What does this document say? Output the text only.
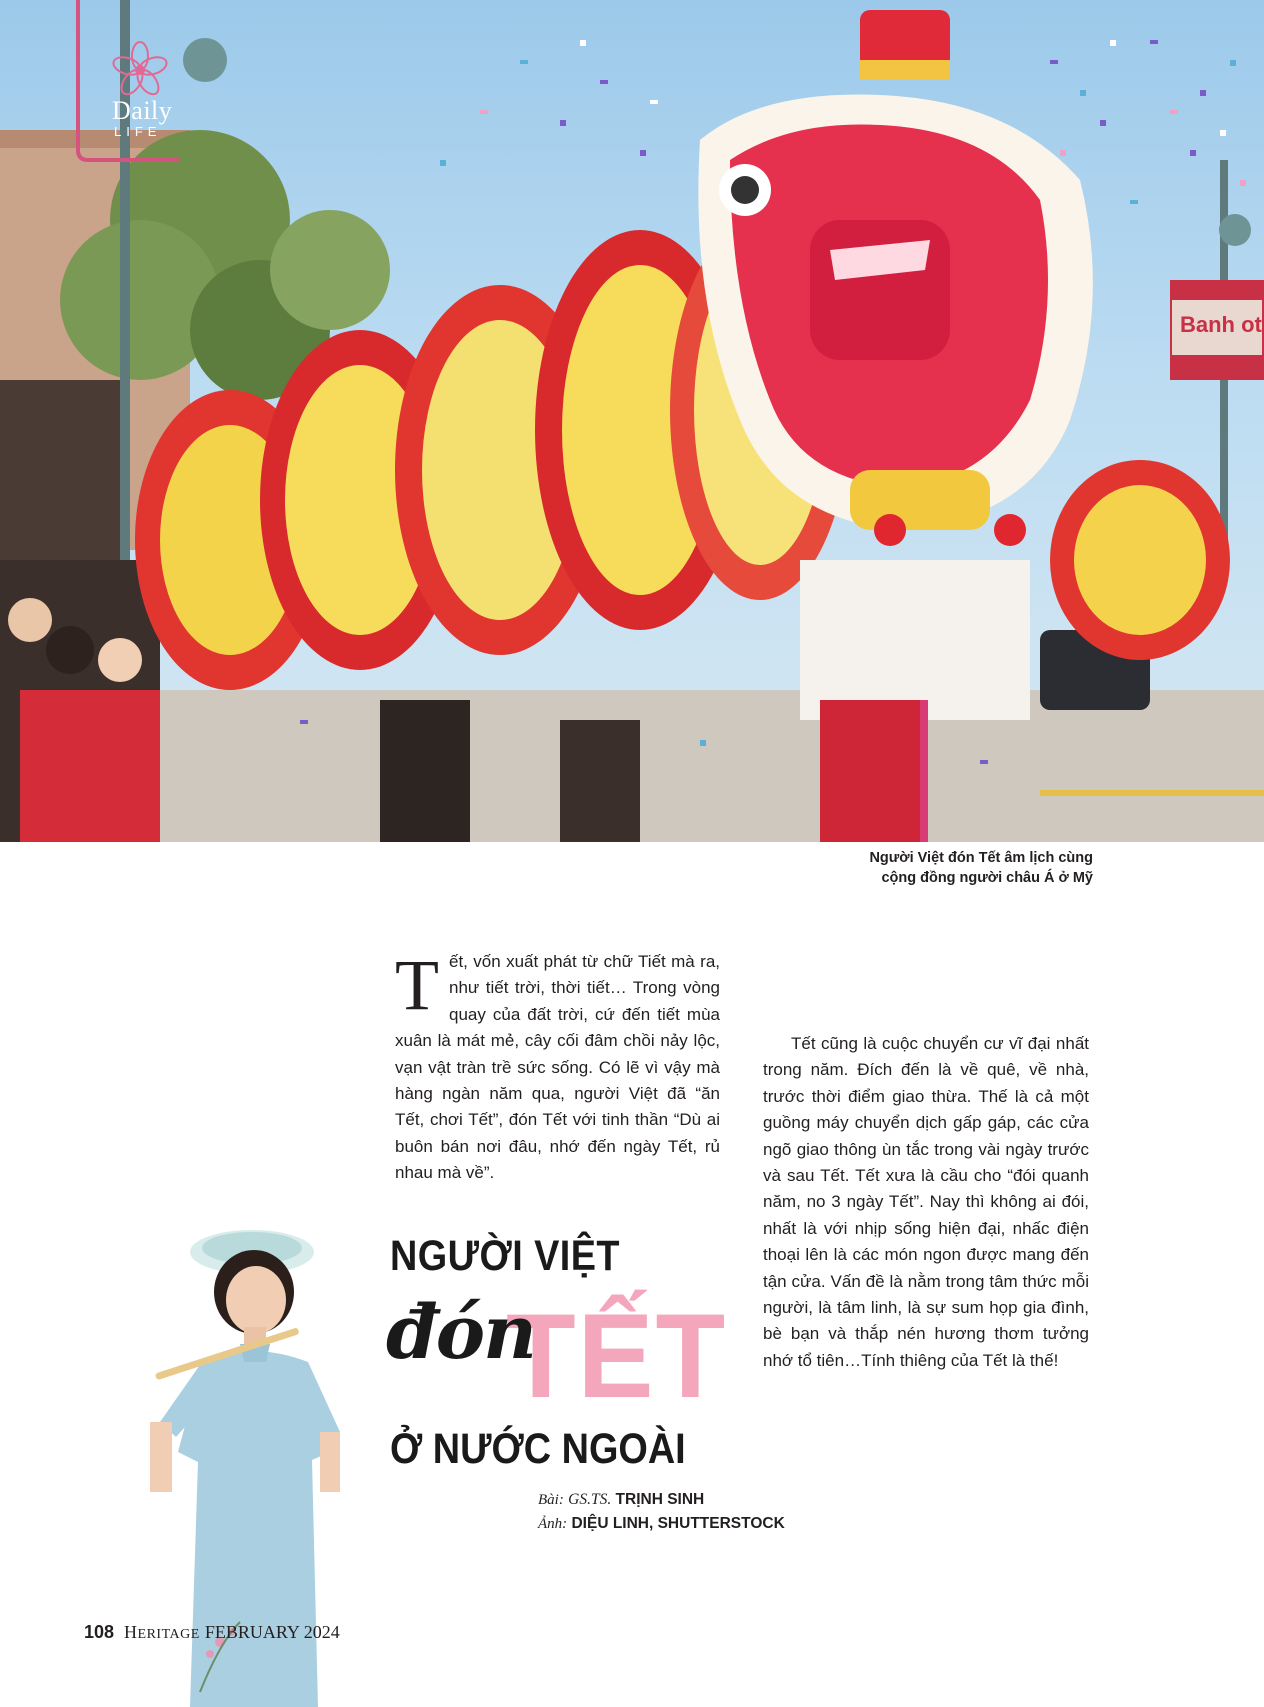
Banh ot
Daily
LIFE
Người Việt đón Tết âm lịch cùng
cộng đồng người châu Á ở Mỹ
T ết, vốn xuất phát từ chữ Tiết mà ra, như tiết trời, thời tiết… Trong vòng quay của đất trời, cứ đến tiết mùa xuân là mát mẻ, cây cối đâm chồi nảy lộc, vạn vật tràn trề sức sống. Có lẽ vì vậy mà hàng ngàn năm qua, người Việt đã “ăn Tết, chơi Tết”, đón Tết với tinh thần “Dù ai buôn bán nơi đâu, nhớ đến ngày Tết, rủ nhau mà về”.

Tết cũng là cuộc chuyển cư vĩ đại nhất trong năm. Đích đến là về quê, về nhà, trước thời điểm giao thừa. Thế là cả một guồng máy chuyển dịch gấp gáp, các cửa ngõ giao thông ùn tắc trong vài ngày trước và sau Tết. Tết xưa là cầu cho “đói quanh năm, no 3 ngày Tết”. Nay thì không ai đói, nhất là với nhịp sống hiện đại, nhấc điện thoại lên là các món ngon được mang đến tận cửa. Vấn đề là nằm trong tâm thức mỗi người, là tâm linh, là sự sum họp gia đình, bè bạn và thắp nén hương thơm tưởng nhớ tổ tiên…Tính thiêng của Tết là thế!

NGƯỜI VIỆT
TẾT
đón
Ở NƯỚC NGOÀI
Bài: GS.TS. TRỊNH SINH
Ảnh: DIỆU LINH, SHUTTERSTOCK
108 HERITAGE FEBRUARY 2024
